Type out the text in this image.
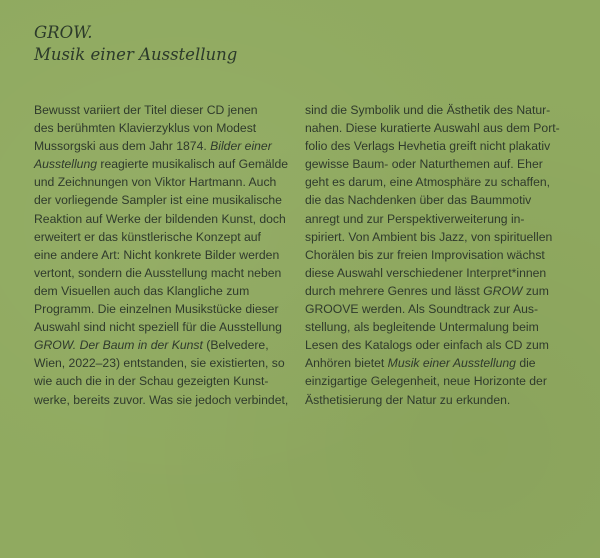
GROW.
Musik einer Ausstellung
Bewusst variiert der Titel dieser CD jenen
des berühmten Klavierzyklus von Modest
Mussorgski aus dem Jahr 1874. Bilder einer
Ausstellung reagierte musikalisch auf Gemälde
und Zeichnungen von Viktor Hartmann. Auch
der vorliegende Sampler ist eine musikalische
Reaktion auf Werke der bildenden Kunst, doch
erweitert er das künstlerische Konzept auf
eine andere Art: Nicht konkrete Bilder werden
vertont, sondern die Ausstellung macht neben
dem Visuellen auch das Klangliche zum
Programm. Die einzelnen Musikstücke dieser
Auswahl sind nicht speziell für die Ausstellung
GROW. Der Baum in der Kunst (Belvedere,
Wien, 2022–23) entstanden, sie existierten, so
wie auch die in der Schau gezeigten Kunst-
werke, bereits zuvor. Was sie jedoch verbindet,
sind die Symbolik und die Ästhetik des Natur-
nahen. Diese kuratierte Auswahl aus dem Port-
folio des Verlags Hevhetia greift nicht plakativ
gewisse Baum- oder Naturthemen auf. Eher
geht es darum, eine Atmosphäre zu schaffen,
die das Nachdenken über das Baummotiv
anregt und zur Perspektiverweiterung in-
spiriert. Von Ambient bis Jazz, von spirituellen
Chorälen bis zur freien Improvisation wächst
diese Auswahl verschiedener Interpret*innen
durch mehrere Genres und lässt GROW zum
GROOVE werden. Als Soundtrack zur Aus-
stellung, als begleitende Untermalung beim
Lesen des Katalogs oder einfach als CD zum
Anhören bietet Musik einer Ausstellung die
einzigartige Gelegenheit, neue Horizonte der
Ästhetisierung der Natur zu erkunden.
